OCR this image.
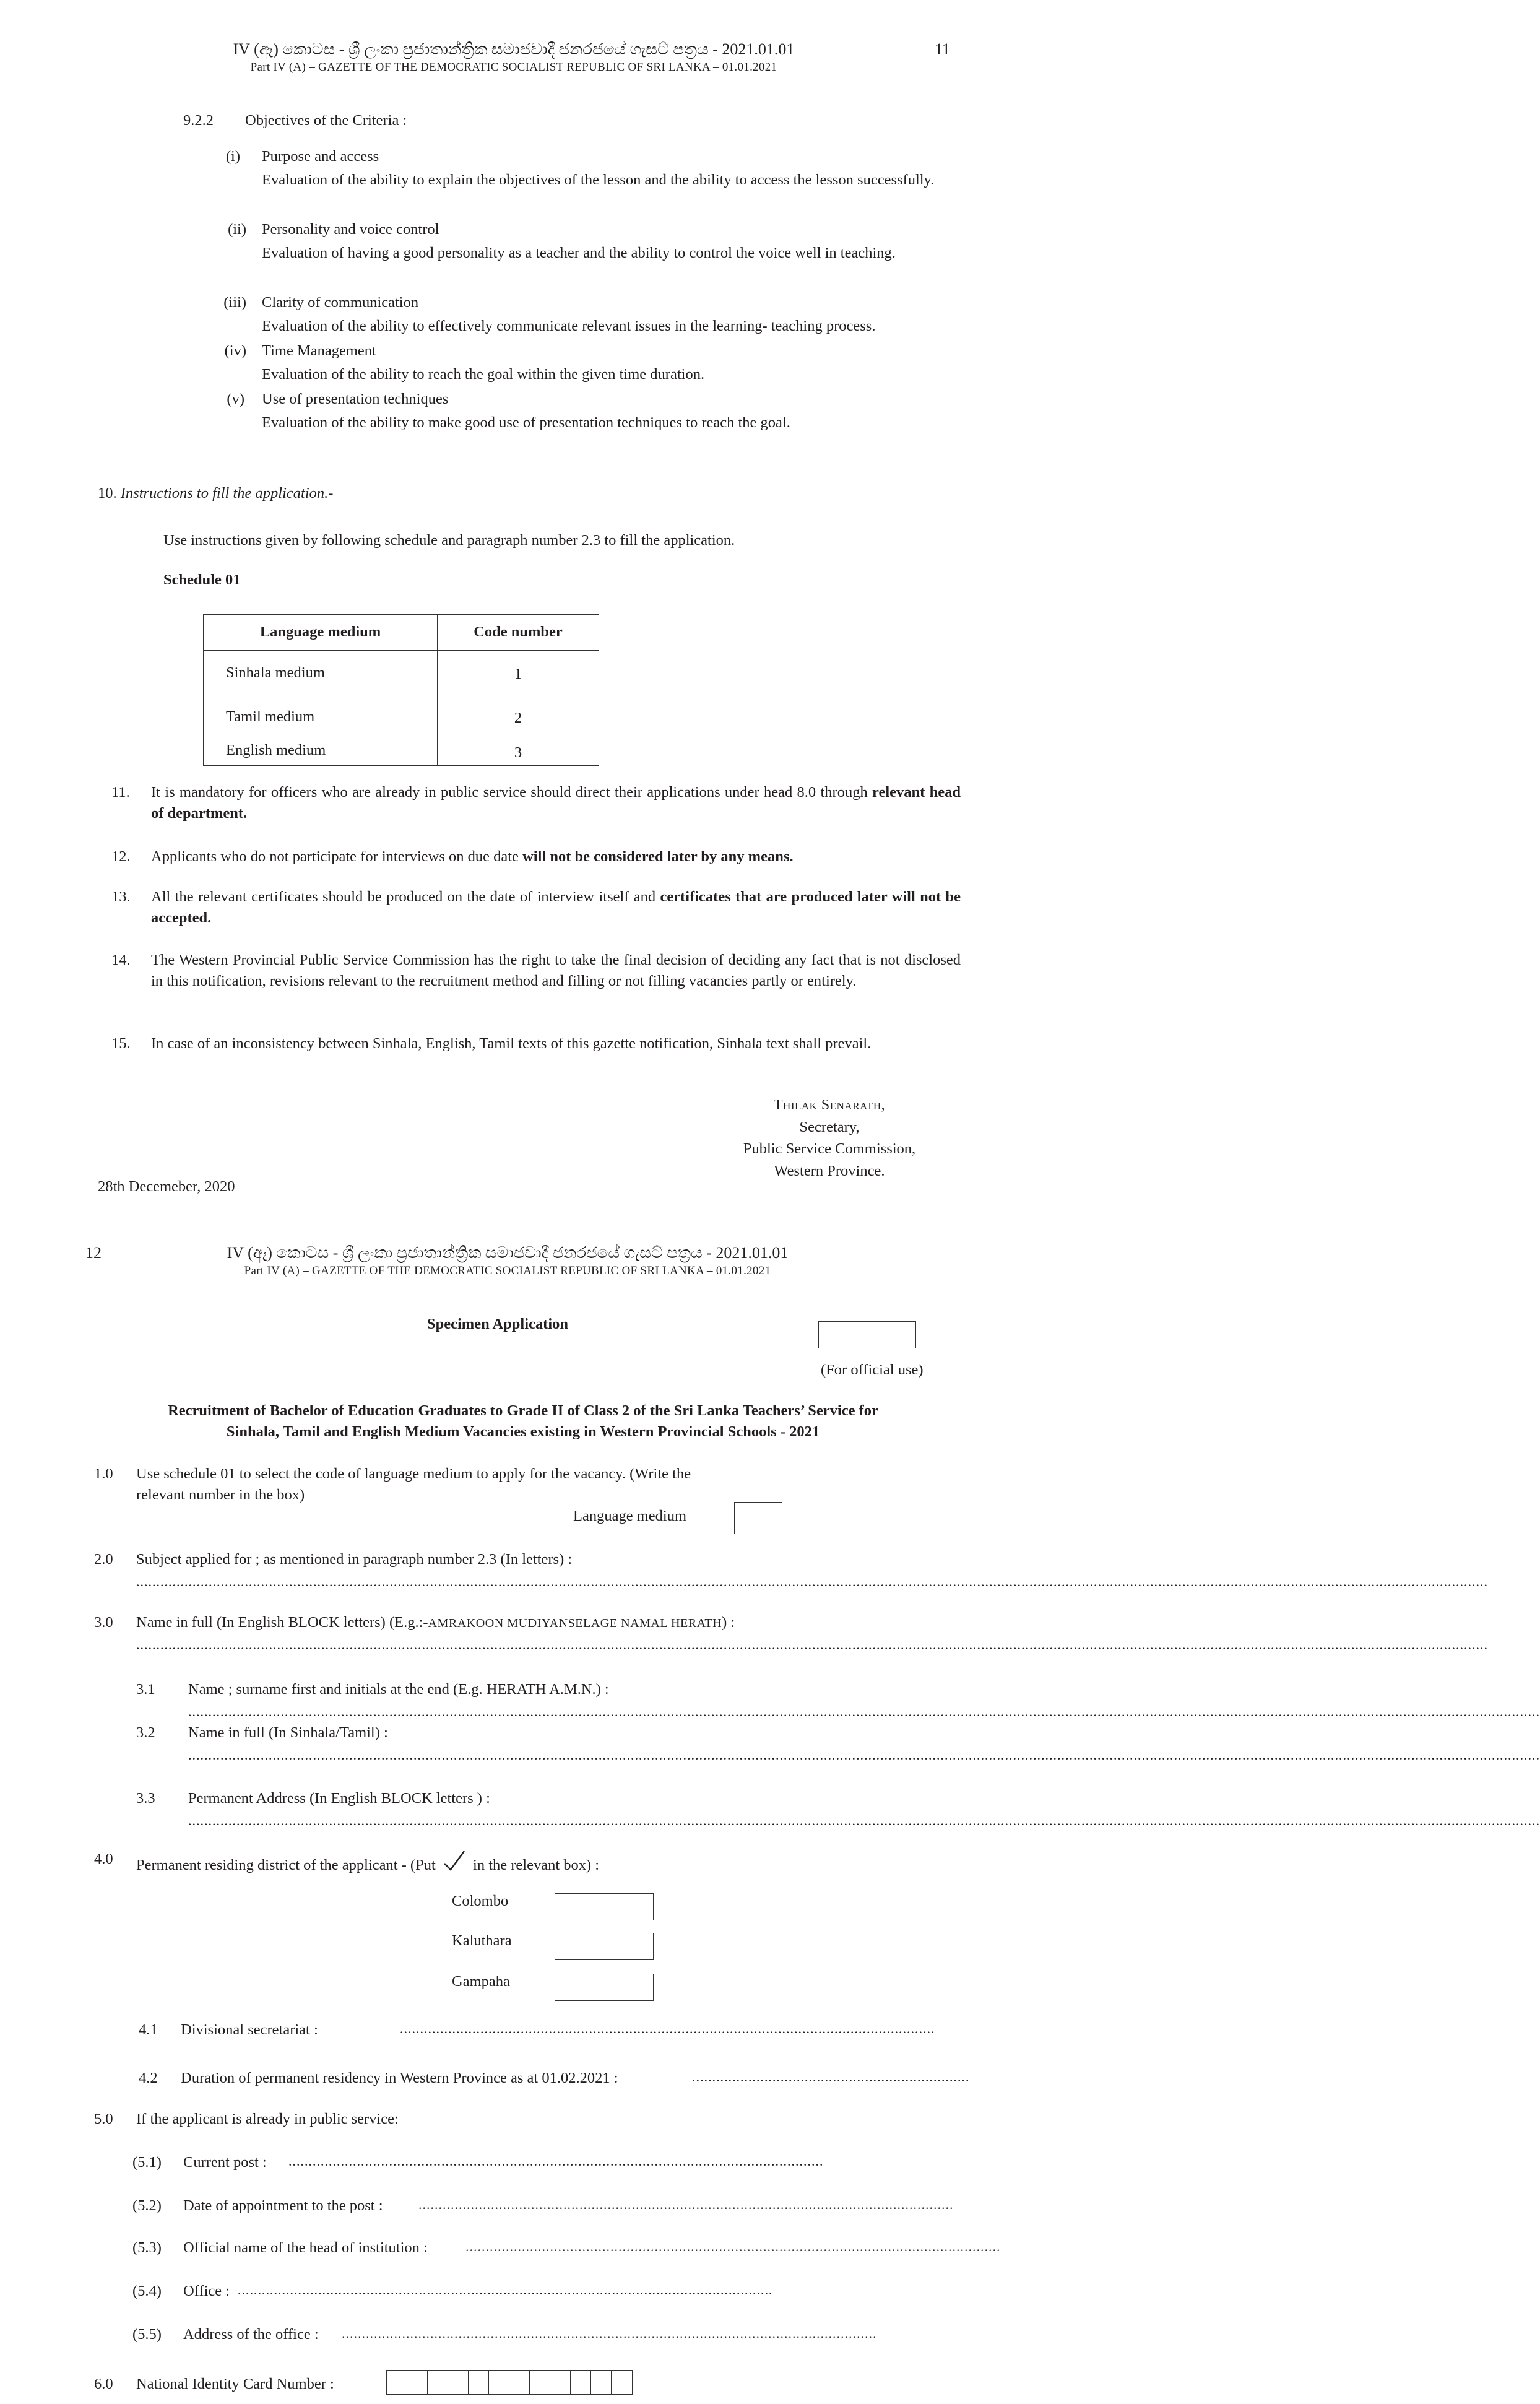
IV (ඈ) කොටස - ශ්‍රී ලංකා ප්‍රජාතාන්ත්‍රික සමාජවාදී ජනරජයේ ගැසට් පත්‍රය - 2021.01.01
Part IV (A) – GAZETTE OF THE DEMOCRATIC SOCIALIST REPUBLIC OF SRI LANKA – 01.01.2021
11
9.2.2 Objectives of the Criteria :
(i) Purpose and access
Evaluation of the ability to explain the objectives of the lesson and the ability to access the lesson successfully.
(ii) Personality and voice control
Evaluation of having a good personality as a teacher and the ability to control the voice well in teaching.
(iii) Clarity of communication
Evaluation of the ability to effectively communicate relevant issues in the learning- teaching process.
(iv) Time Management
Evaluation of the ability to reach the goal within the given time duration.
(v) Use of presentation techniques
Evaluation of the ability to make good use of presentation techniques to reach the goal.
10. Instructions to fill the application.-
Use instructions given by following schedule and paragraph number 2.3 to fill the application.
Schedule 01
Language medium	Code number
Sinhala medium	1
Tamil medium	2
English medium	3
11. It is mandatory for officers who are already in public service should direct their applications under head 8.0 through relevant head of department.
12. Applicants who do not participate for interviews on due date will not be considered later by any means.
13. All the relevant certificates should be produced on the date of interview itself and certificates that are produced later will not be accepted.
14. The Western Provincial Public Service Commission has the right to take the final decision of deciding any fact that is not disclosed in this notification, revisions relevant to the recruitment method and filling or not filling vacancies partly or entirely.
15. In case of an inconsistency between Sinhala, English, Tamil texts of this gazette notification, Sinhala text shall prevail.
Thilak Senarath,
Secretary,
Public Service Commission,
Western Province.
28th Decemeber, 2020
12	IV (ඈ) කොටස - ශ්‍රී ලංකා ප්‍රජාතාන්ත්‍රික සමාජවාදී ජනරජයේ ගැසට් පත්‍රය - 2021.01.01
Part IV (A) – GAZETTE OF THE DEMOCRATIC SOCIALIST REPUBLIC OF SRI LANKA – 01.01.2021
Specimen Application
(For official use)
Recruitment of Bachelor of Education Graduates to Grade II of Class 2 of the Sri Lanka Teachers’ Service for
Sinhala, Tamil and English Medium Vacancies existing in Western Provincial Schools - 2021
1.0 Use schedule 01 to select the code of language medium to apply for the vacancy. (Write the
relevant number in the box)
Language medium
2.0 Subject applied for ; as mentioned in paragraph number 2.3 (In letters) :
................................................................................................................................................................................................................................................................................................................................................
3.0 Name in full (In English BLOCK letters) (E.g.:-AMRAKOON MUDIYANSELAGE NAMAL HERATH) :
................................................................................................................................................................................................................................................................................................................................................
3.1 Name ; surname first and initials at the end (E.g. HERATH A.M.N.) :
................................................................................................................................................................................................................................................................................................................................................
3.2 Name in full (In Sinhala/Tamil) :
................................................................................................................................................................................................................................................................................................................................................
3.3 Permanent Address (In English BLOCK letters ) :
................................................................................................................................................................................................................................................................................................................................................
4.0 Permanent residing district of the applicant - (Put in the relevant box) :
Colombo
Kaluthara
Gampaha
4.1 Divisional secretariat :	.....................................................................................................................................
4.2 Duration of permanent residency in Western Province as at 01.02.2021 :	.....................................................................
5.0 If the applicant is already in public service:
(5.1) Current post : .....................................................................................................................................
(5.2) Date of appointment to the post :	.....................................................................................................................................
(5.3) Official name of the head of institution :	.....................................................................................................................................
(5.4) Office : .....................................................................................................................................
(5.5) Address of the office : .....................................................................................................................................
6.0 National Identity Card Number :
